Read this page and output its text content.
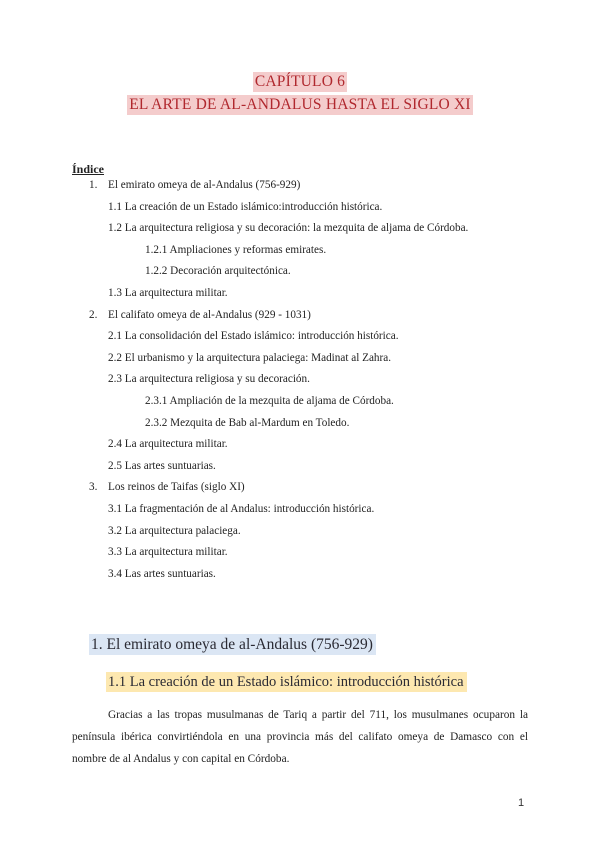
CAPÍTULO 6
EL ARTE DE AL-ANDALUS HASTA EL SIGLO XI
Índice
1. El emirato omeya de al-Andalus (756-929)
1.1 La creación de un Estado islámico:introducción histórica.
1.2 La arquitectura religiosa y su decoración: la mezquita de aljama de Córdoba.
1.2.1 Ampliaciones y reformas emirates.
1.2.2 Decoración arquitectónica.
1.3 La arquitectura militar.
2. El califato omeya de al-Andalus (929 - 1031)
2.1 La consolidación del Estado islámico: introducción histórica.
2.2 El urbanismo y la arquitectura palaciega: Madinat al Zahra.
2.3 La arquitectura religiosa y su decoración.
2.3.1 Ampliación de la mezquita de aljama de Córdoba.
2.3.2 Mezquita de Bab al-Mardum en Toledo.
2.4 La arquitectura militar.
2.5 Las artes suntuarias.
3. Los reinos de Taifas (siglo XI)
3.1 La fragmentación de al Andalus: introducción histórica.
3.2 La arquitectura palaciega.
3.3 La arquitectura militar.
3.4 Las artes suntuarias.
1. El emirato omeya de al-Andalus (756-929)
1.1 La creación de un Estado islámico: introducción histórica
Gracias a las tropas musulmanas de Tariq a partir del 711, los musulmanes ocuparon la península ibérica convirtiéndola en una provincia más del califato omeya de Damasco con el nombre de al Andalus y con capital en Córdoba.
1
